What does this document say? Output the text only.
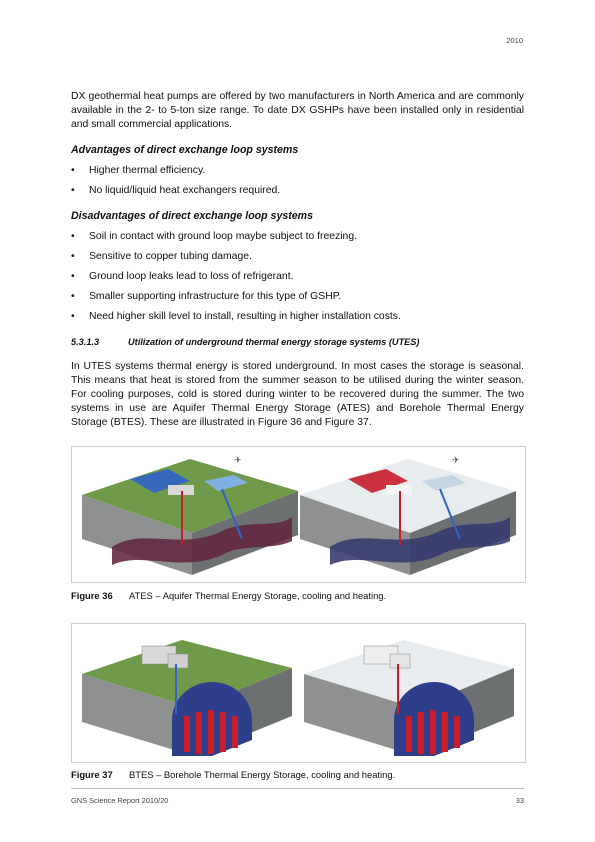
2010

DX geothermal heat pumps are offered by two manufacturers in North America and are commonly available in the 2- to 5-ton size range. To date DX GSHPs have been installed only in residential and small commercial applications.

Advantages of direct exchange loop systems
• Higher thermal efficiency.
• No liquid/liquid heat exchangers required.
Disadvantages of direct exchange loop systems
• Soil in contact with ground loop maybe subject to freezing.
• Sensitive to copper tubing damage.
• Ground loop leaks lead to loss of refrigerant.
• Smaller supporting infrastructure for this type of GSHP.
• Need higher skill level to install, resulting in higher installation costs.
5.3.1.3	Utilization of underground thermal energy storage systems (UTES)

In UTES systems thermal energy is stored underground. In most cases the storage is seasonal. This means that heat is stored from the summer season to be utilised during the winter season. For cooling purposes, cold is stored during winter to be recovered during the summer. The two systems in use are Aquifer Thermal Energy Storage (ATES) and Borehole Thermal Energy Storage (BTES). These are illustrated in Figure 36 and Figure 37.

✈	✈
Figure 36 ATES – Aquifer Thermal Energy Storage, cooling and heating.
Figure 37 BTES – Borehole Thermal Energy Storage, cooling and heating.
GNS Science Report 2010/20	33
